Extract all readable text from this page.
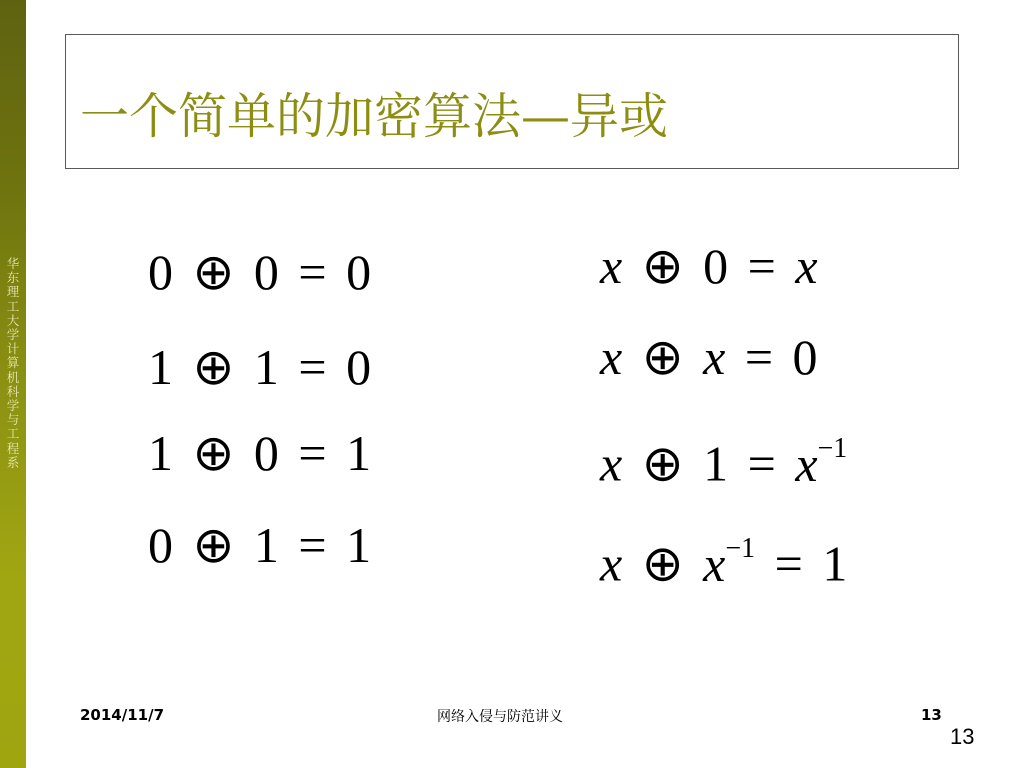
华东理工大学计算机科学与工程系
一个简单的加密算法—异或
0 ⊕ 0 = 0
1 ⊕ 1 = 0
1 ⊕ 0 = 1
0 ⊕ 1 = 1
x ⊕ 0 = x
x ⊕ x = 0
x ⊕ $1 = x^{-1}$
x ⊕ $x^{-1} = 1$
2014/11/7	网络入侵与防范讲义	13
13
